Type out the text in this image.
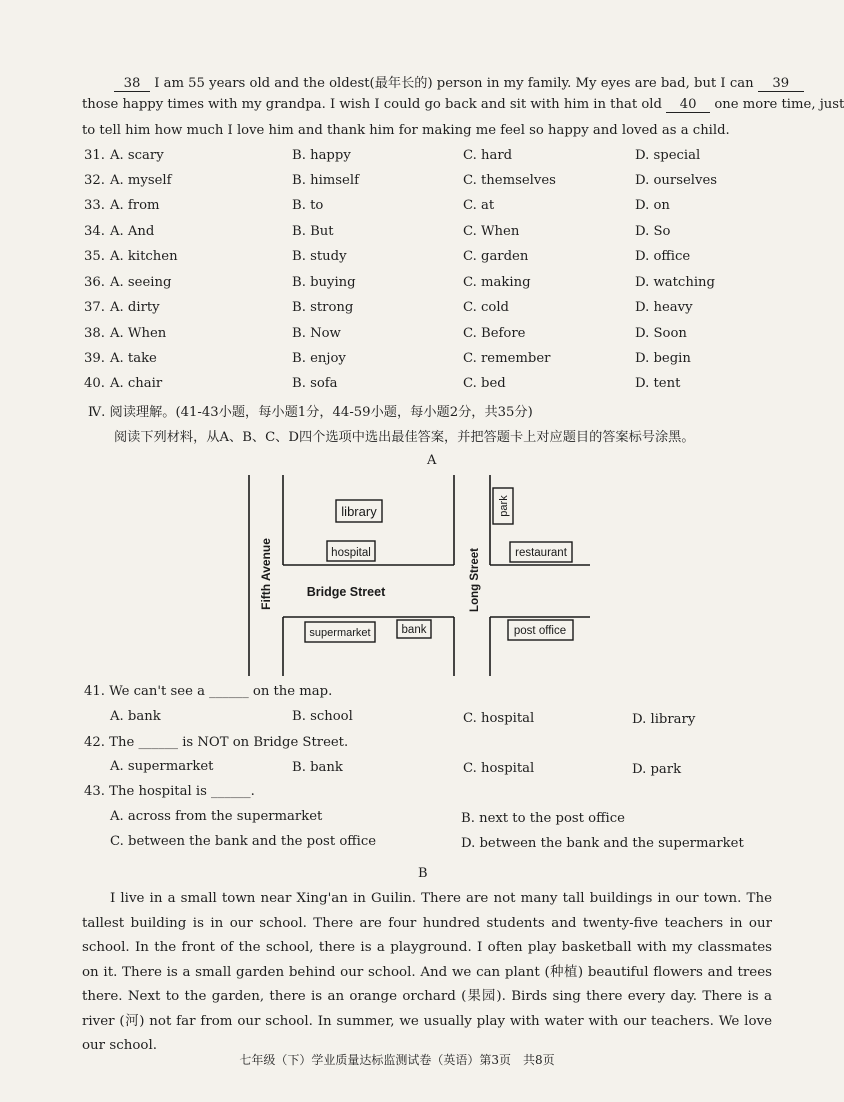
38 I am 55 years old and the oldest(最年长的) person in my family. My eyes are bad, but I can 39
those happy times with my grandpa. I wish I could go back and sit with him in that old 40 one more time, just
to tell him how much I love him and thank him for making me feel so happy and loved as a child.
31. A. scary	B. happy	C. hard	D. special
32. A. myself	B. himself	C. themselves	D. ourselves
33. A. from	B. to	C. at	D. on
34. A. And	B. But	C. When	D. So
35. A. kitchen	B. study	C. garden	D. office
36. A. seeing	B. buying	C. making	D. watching
37. A. dirty	B. strong	C. cold	D. heavy
38. A. When	B. Now	C. Before	D. Soon
39. A. take	B. enjoy	C. remember	D. begin
40. A. chair	B. sofa	C. bed	D. tent
Ⅳ. 阅读理解。(41-43小题，每小题1分，44-59小题，每小题2分，共35分)
阅读下列材料，从A、B、C、D四个选项中选出最佳答案，并把答题卡上对应题目的答案标号涂黑。
A
library
hospital
park
restaurant
Fifth Avenue	Bridge Street	Long Street
supermarket	bank	post office
41. We can't see a ______ on the map.
A. bank	B. school	C. hospital	D. library
42. The ______ is NOT on Bridge Street.
A. supermarket	B. bank	C. hospital	D. park
43. The hospital is ______.
A. across from the supermarket	B. next to the post office
C. between the bank and the post office	D. between the bank and the supermarket
B
I live in a small town near Xing'an in Guilin. There are not many tall buildings in our town. The tallest building is in our school. There are four hundred students and twenty-five teachers in our school. In the front of the school, there is a playground. I often play basketball with my classmates on it. There is a small garden behind our school. And we can plant (种植) beautiful flowers and trees there. Next to the garden, there is an orange orchard (果园). Birds sing there every day. There is a river (河) not far from our school. In summer, we usually play with water with our teachers. We love our school.
七年级（下）学业质量达标监测试卷（英语）第3页　共8页
